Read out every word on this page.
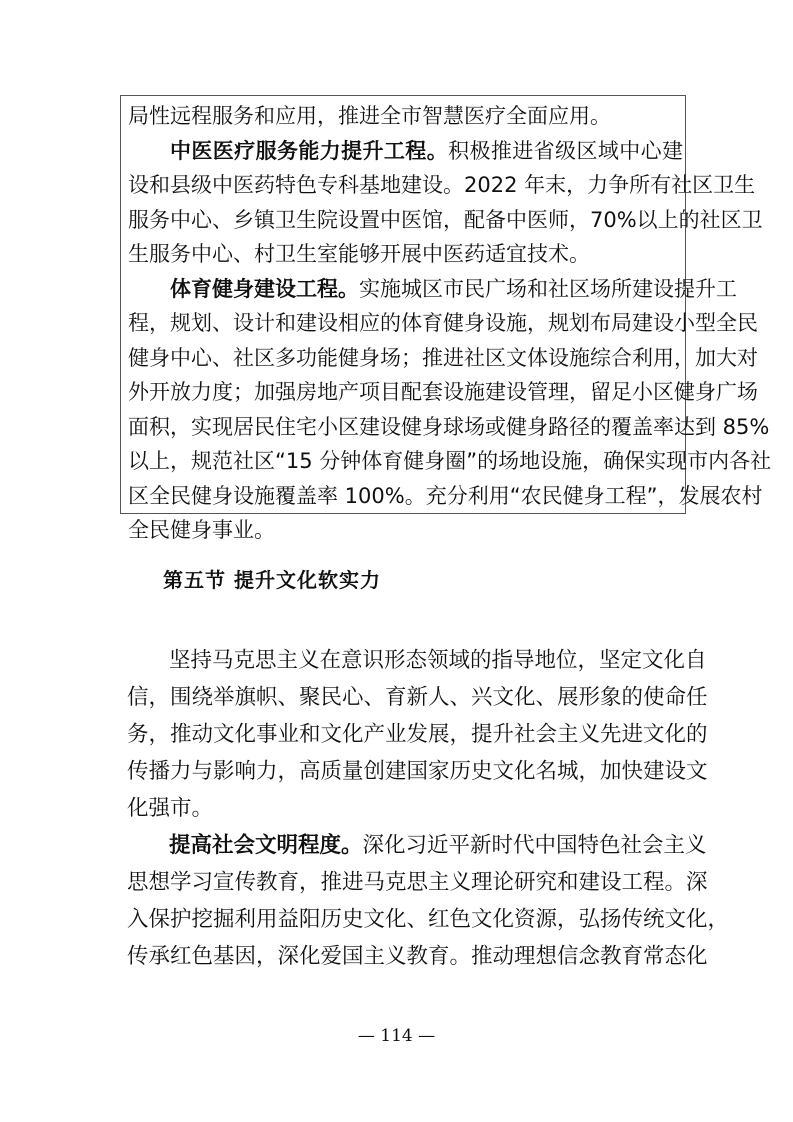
局性远程服务和应用，推进全市智慧医疗全面应用。
中医医疗服务能力提升工程。积极推进省级区域中心建
设和县级中医药特色专科基地建设。2022 年末，力争所有社区卫生
服务中心、乡镇卫生院设置中医馆，配备中医师，70%以上的社区卫
生服务中心、村卫生室能够开展中医药适宜技术。
体育健身建设工程。实施城区市民广场和社区场所建设提升工
程，规划、设计和建设相应的体育健身设施，规划布局建设小型全民
健身中心、社区多功能健身场；推进社区文体设施综合利用，加大对
外开放力度；加强房地产项目配套设施建设管理，留足小区健身广场
面积，实现居民住宅小区建设健身球场或健身路径的覆盖率达到 85%
以上，规范社区“15 分钟体育健身圈”的场地设施，确保实现市内各社
区全民健身设施覆盖率 100%。充分利用“农民健身工程”，发展农村
全民健身事业。
第五节 提升文化软实力
坚持马克思主义在意识形态领域的指导地位，坚定文化自
信，围绕举旗帜、聚民心、育新人、兴文化、展形象的使命任
务，推动文化事业和文化产业发展，提升社会主义先进文化的
传播力与影响力，高质量创建国家历史文化名城，加快建设文
化强市。
提高社会文明程度。深化习近平新时代中国特色社会主义
思想学习宣传教育，推进马克思主义理论研究和建设工程。深
入保护挖掘利用益阳历史文化、红色文化资源，弘扬传统文化，
传承红色基因，深化爱国主义教育。推动理想信念教育常态化
— 114 —
